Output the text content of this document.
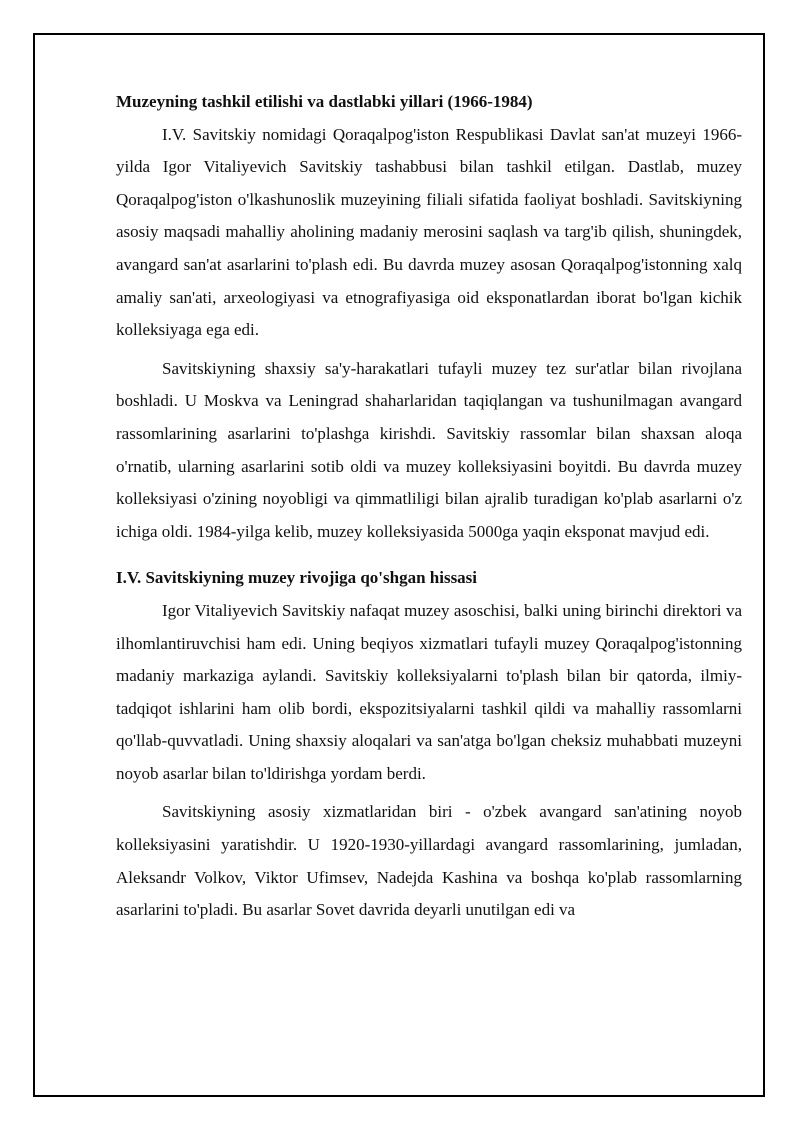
Muzeyning tashkil etilishi va dastlabki yillari (1966-1984)

I.V. Savitskiy nomidagi Qoraqalpog'iston Respublikasi Davlat san'at muzeyi 1966-yilda Igor Vitaliyevich Savitskiy tashabbusi bilan tashkil etilgan. Dastlab, muzey Qoraqalpog'iston o'lkashunoslik muzeyining filiali sifatida faoliyat boshladi. Savitskiyning asosiy maqsadi mahalliy aholining madaniy merosini saqlash va targ'ib qilish, shuningdek, avangard san'at asarlarini to'plash edi. Bu davrda muzey asosan Qoraqalpog'istonning xalq amaliy san'ati, arxeologiyasi va etnografiyasiga oid eksponatlardan iborat bo'lgan kichik kolleksiyaga ega edi.

Savitskiyning shaxsiy sa'y-harakatlari tufayli muzey tez sur'atlar bilan rivojlana boshladi. U Moskva va Leningrad shaharlaridan taqiqlangan va tushunilmagan avangard rassomlarining asarlarini to'plashga kirishdi. Savitskiy rassomlar bilan shaxsan aloqa o'rnatib, ularning asarlarini sotib oldi va muzey kolleksiyasini boyitdi. Bu davrda muzey kolleksiyasi o'zining noyobligi va qimmatliligi bilan ajralib turadigan ko'plab asarlarni o'z ichiga oldi. 1984-yilga kelib, muzey kolleksiyasida 5000ga yaqin eksponat mavjud edi.

I.V. Savitskiyning muzey rivojiga qo'shgan hissasi

Igor Vitaliyevich Savitskiy nafaqat muzey asoschisi, balki uning birinchi direktori va ilhomlantiruvchisi ham edi. Uning beqiyos xizmatlari tufayli muzey Qoraqalpog'istonning madaniy markaziga aylandi. Savitskiy kolleksiyalarni to'plash bilan bir qatorda, ilmiy-tadqiqot ishlarini ham olib bordi, ekspozitsiyalarni tashkil qildi va mahalliy rassomlarni qo'llab-quvvatladi. Uning shaxsiy aloqalari va san'atga bo'lgan cheksiz muhabbati muzeyni noyob asarlar bilan to'ldirishga yordam berdi.

Savitskiyning asosiy xizmatlaridan biri - o'zbek avangard san'atining noyob kolleksiyasini yaratishdir. U 1920-1930-yillardagi avangard rassomlarining, jumladan, Aleksandr Volkov, Viktor Ufimsev, Nadejda Kashina va boshqa ko'plab rassomlarning asarlarini to'pladi. Bu asarlar Sovet davrida deyarli unutilgan edi va
